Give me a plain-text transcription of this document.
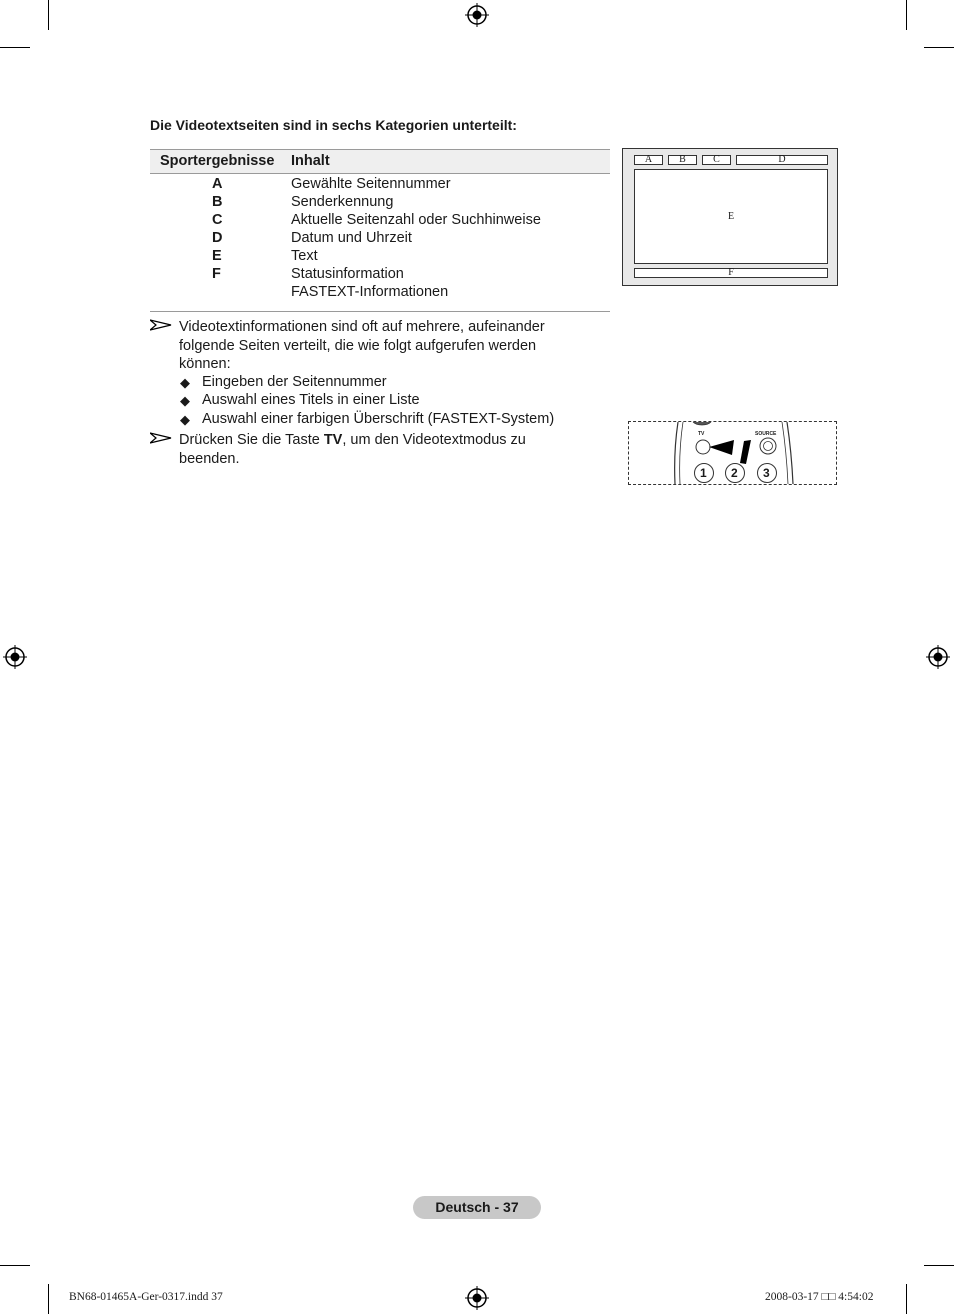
Die Videotextseiten sind in sechs Kategorien unterteilt:
Sportergebnisse Inhalt
A	Gewählte Seitennummer
B	Senderkennung
C	Aktuelle Seitenzahl oder Suchhinweise
D	Datum und Uhrzeit
E	Text
F	Statusinformation
FASTEXT-Informationen
Videotextinformationen sind oft auf mehrere, aufeinander
folgende Seiten verteilt, die wie folgt aufgerufen werden
können:
◆ Eingeben der Seitennummer
◆ Auswahl eines Titels in einer Liste
◆ Auswahl einer farbigen Überschrift (FASTEXT-System)
Drücken Sie die Taste TV, um den Videotextmodus zu
beenden.
A	B	C	D
E
F
TV	SOURCE
1 2 3
Deutsch - 37
BN68-01465A-Ger-0317.indd 37	2008-03-17 □□ 4:54:02
